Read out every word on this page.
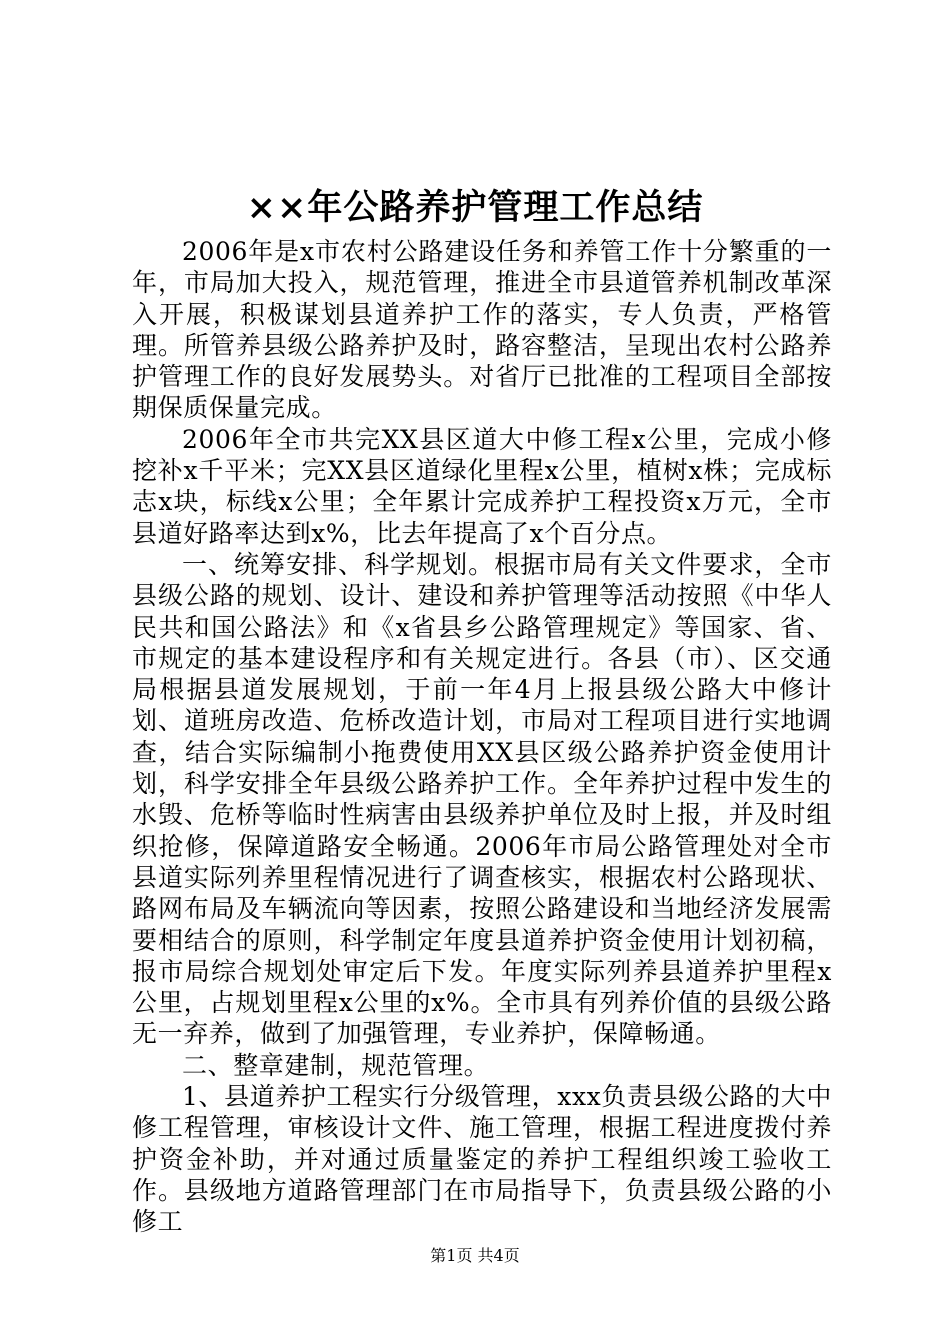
××年公路养护管理工作总结

2006年是x市农村公路建设任务和养管工作十分繁重的一年，市局加大投入，规范管理，推进全市县道管养机制改革深入开展，积极谋划县道养护工作的落实，专人负责，严格管理。所管养县级公路养护及时，路容整洁，呈现出农村公路养护管理工作的良好发展势头。对省厅已批准的工程项目全部按期保质保量完成。

2006年全市共完XX县区道大中修工程x公里，完成小修挖补x千平米；完XX县区道绿化里程x公里，植树x株；完成标志x块，标线x公里；全年累计完成养护工程投资x万元，全市县道好路率达到x%，比去年提高了x个百分点。

一、统筹安排、科学规划。根据市局有关文件要求，全市县级公路的规划、设计、建设和养护管理等活动按照《中华人民共和国公路法》和《x省县乡公路管理规定》等国家、省、市规定的基本建设程序和有关规定进行。各县（市）、区交通局根据县道发展规划，于前一年4月上报县级公路大中修计划、道班房改造、危桥改造计划，市局对工程项目进行实地调查，结合实际编制小拖费使用XX县区级公路养护资金使用计划，科学安排全年县级公路养护工作。全年养护过程中发生的水毁、危桥等临时性病害由县级养护单位及时上报，并及时组织抢修，保障道路安全畅通。2006年市局公路管理处对全市县道实际列养里程情况进行了调查核实，根据农村公路现状、路网布局及车辆流向等因素，按照公路建设和当地经济发展需要相结合的原则，科学制定年度县道养护资金使用计划初稿，报市局综合规划处审定后下发。年度实际列养县道养护里程x公里，占规划里程x公里的x%。全市具有列养价值的县级公路无一弃养，做到了加强管理，专业养护，保障畅通。

二、整章建制，规范管理。

1、县道养护工程实行分级管理，xxx负责县级公路的大中修工程管理，审核设计文件、施工管理，根据工程进度拨付养护资金补助，并对通过质量鉴定的养护工程组织竣工验收工作。县级地方道路管理部门在市局指导下，负责县级公路的小修工

第1页 共4页
